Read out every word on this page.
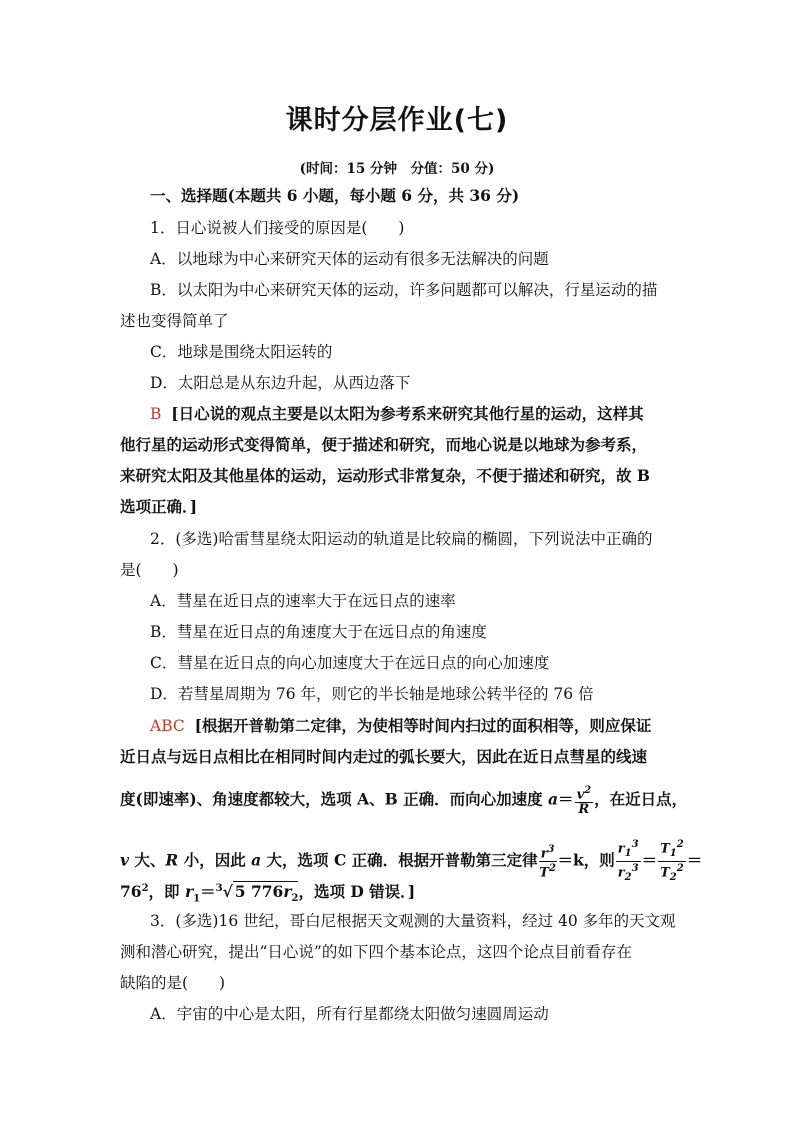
课时分层作业(七)
(时间：15 分钟　分值：50 分)
一、选择题(本题共 6 小题，每小题 6 分，共 36 分)
1．日心说被人们接受的原因是(　　)
A．以地球为中心来研究天体的运动有很多无法解决的问题
B．以太阳为中心来研究天体的运动，许多问题都可以解决，行星运动的描
述也变得简单了
C．地球是围绕太阳运转的
D．太阳总是从东边升起，从西边落下
B [日心说的观点主要是以太阳为参考系来研究其他行星的运动，这样其
他行星的运动形式变得简单，便于描述和研究，而地心说是以地球为参考系，
来研究太阳及其他星体的运动，运动形式非常复杂，不便于描述和研究，故 B
选项正确．]
2．(多选)哈雷彗星绕太阳运动的轨道是比较扁的椭圆，下列说法中正确的
是(　　)
A．彗星在近日点的速率大于在远日点的速率
B．彗星在近日点的角速度大于在远日点的角速度
C．彗星在近日点的向心加速度大于在远日点的向心加速度
D．若彗星周期为 76 年，则它的半长轴是地球公转半径的 76 倍
ABC [根据开普勒第二定律，为使相等时间内扫过的面积相等，则应保证
近日点与远日点相比在相同时间内走过的弧长要大，因此在近日点彗星的线速
度(即速率)、角速度都较大，选项 A、B 正确．而向心加速度 $a= \frac{v^2}{R}$ ，在近日点，
v 大、R 小，因此 a 大，选项 C 正确．根据开普勒第三定律 $\frac{r^3}{T^2} =k$，则 $\frac{r_1^3}{r_2^3} = \frac{T_1^2}{T_2^2}$ ＝
$76^2$，即 $r_1=^3√$ 5 $776r_2$，选项 D 错误．]
3．(多选)16 世纪，哥白尼根据天文观测的大量资料，经过 40 多年的天文观
测和潜心研究，提出“日心说”的如下四个基本论点，这四个论点目前看存在
缺陷的是(　　)
A．宇宙的中心是太阳，所有行星都绕太阳做匀速圆周运动
